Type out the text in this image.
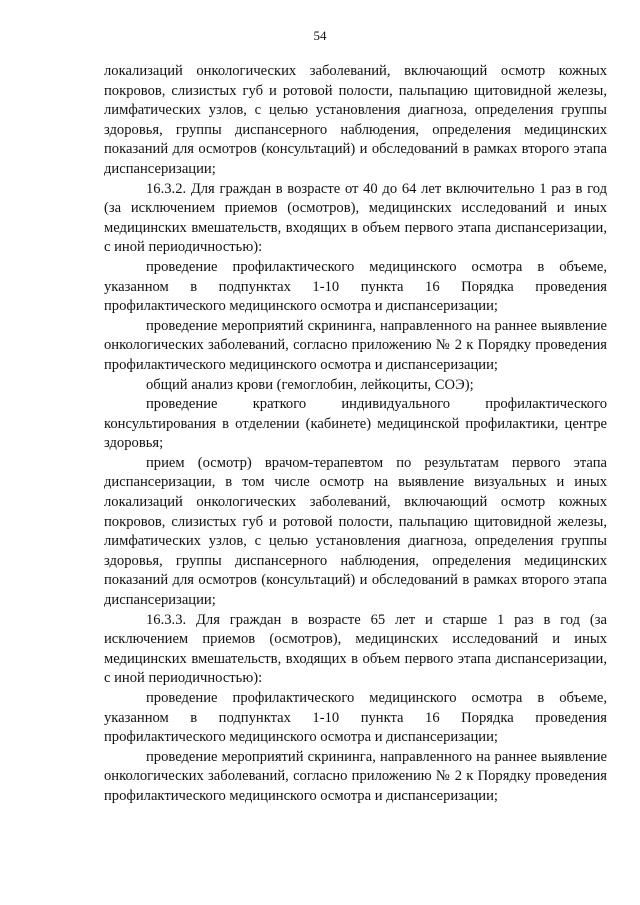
54

локализаций онкологических заболеваний, включающий осмотр кожных покровов, слизистых губ и ротовой полости, пальпацию щитовидной железы, лимфатических узлов, с целью установления диагноза, определения группы здоровья, группы диспансерного наблюдения, определения медицинских показаний для осмотров (консультаций) и обследований в рамках второго этапа диспансеризации;

16.3.2. Для граждан в возрасте от 40 до 64 лет включительно 1 раз в год (за исключением приемов (осмотров), медицинских исследований и иных медицинских вмешательств, входящих в объем первого этапа диспансеризации, с иной периодичностью):

проведение профилактического медицинского осмотра в объеме, указанном в подпунктах 1-10 пункта 16 Порядка проведения профилактического медицинского осмотра и диспансеризации;

проведение мероприятий скрининга, направленного на раннее выявление онкологических заболеваний, согласно приложению № 2 к Порядку проведения профилактического медицинского осмотра и диспансеризации;

общий анализ крови (гемоглобин, лейкоциты, СОЭ);

проведение краткого индивидуального профилактического консультирования в отделении (кабинете) медицинской профилактики, центре здоровья;

прием (осмотр) врачом-терапевтом по результатам первого этапа диспансеризации, в том числе осмотр на выявление визуальных и иных локализаций онкологических заболеваний, включающий осмотр кожных покровов, слизистых губ и ротовой полости, пальпацию щитовидной железы, лимфатических узлов, с целью установления диагноза, определения группы здоровья, группы диспансерного наблюдения, определения медицинских показаний для осмотров (консультаций) и обследований в рамках второго этапа диспансеризации;

16.3.3. Для граждан в возрасте 65 лет и старше 1 раз в год (за исключением приемов (осмотров), медицинских исследований и иных медицинских вмешательств, входящих в объем первого этапа диспансеризации, с иной периодичностью):

проведение профилактического медицинского осмотра в объеме, указанном в подпунктах 1-10 пункта 16 Порядка проведения профилактического медицинского осмотра и диспансеризации;

проведение мероприятий скрининга, направленного на раннее выявление онкологических заболеваний, согласно приложению № 2 к Порядку проведения профилактического медицинского осмотра и диспансеризации;
